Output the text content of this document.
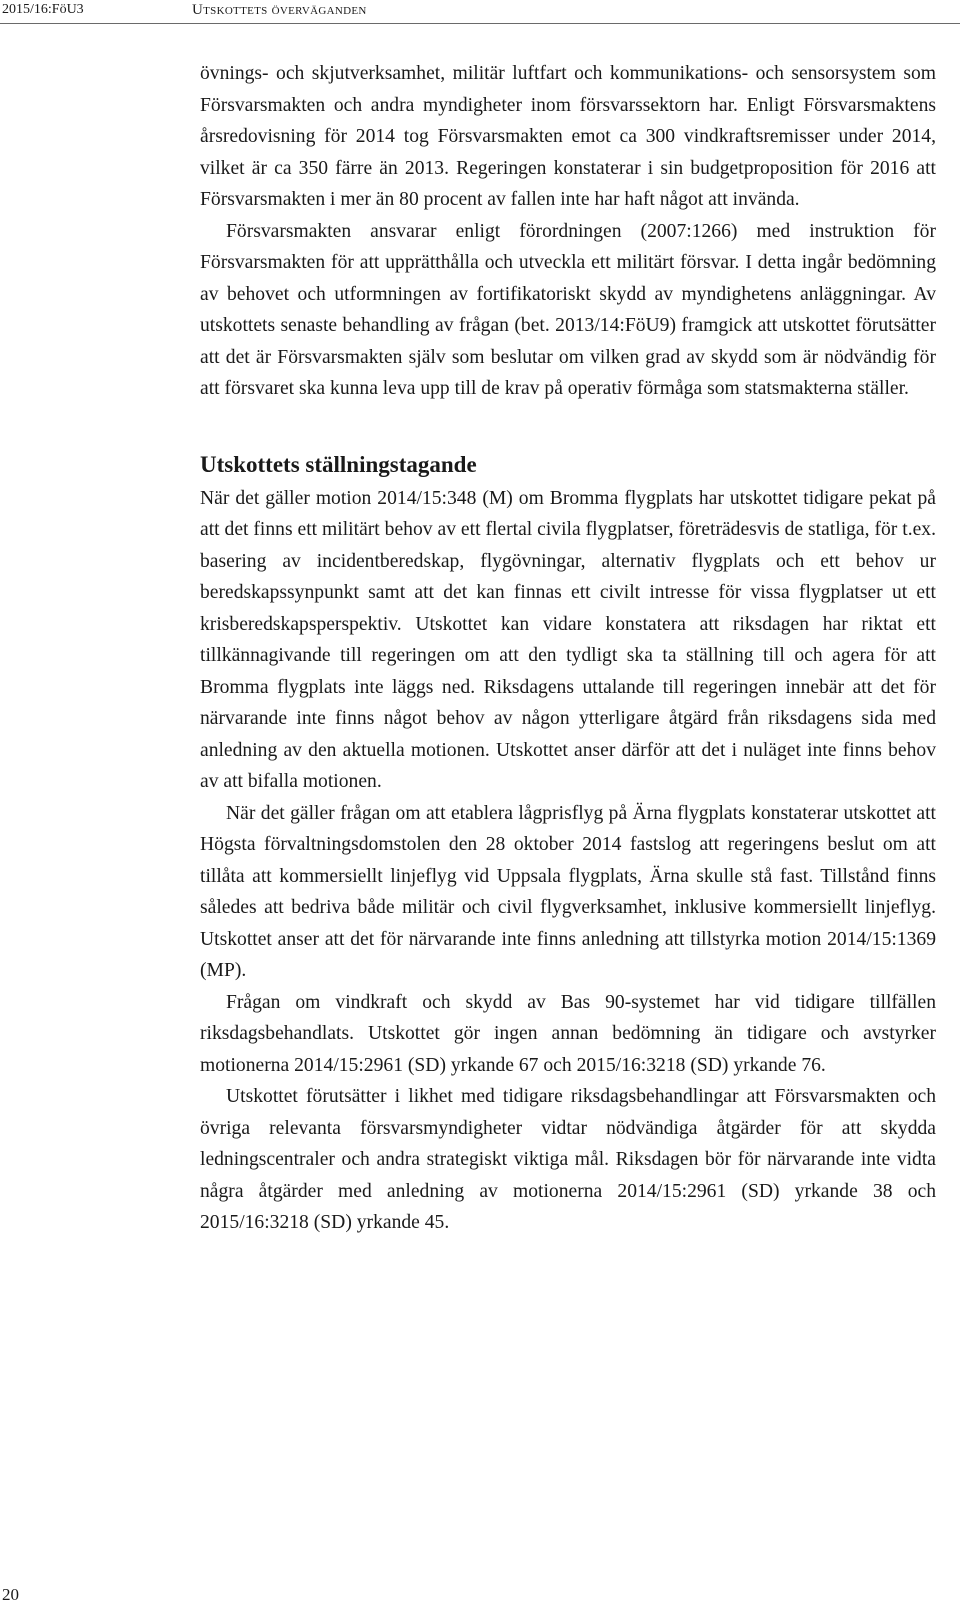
2015/16:FöU3	Utskottets överväganden

övnings- och skjutverksamhet, militär luftfart och kommunikations- och sensorsystem som Försvarsmakten och andra myndigheter inom försvarssektorn har. Enligt Försvarsmaktens årsredovisning för 2014 tog Försvarsmakten emot ca 300 vindkraftsremisser under 2014, vilket är ca 350 färre än 2013. Regeringen konstaterar i sin budgetproposition för 2016 att Försvarsmakten i mer än 80 procent av fallen inte har haft något att invända.

Försvarsmakten ansvarar enligt förordningen (2007:1266) med instruktion för Försvarsmakten för att upprätthålla och utveckla ett militärt försvar. I detta ingår bedömning av behovet och utformningen av fortifikatoriskt skydd av myndighetens anläggningar. Av utskottets senaste behandling av frågan (bet. 2013/14:FöU9) framgick att utskottet förutsätter att det är Försvarsmakten själv som beslutar om vilken grad av skydd som är nödvändig för att försvaret ska kunna leva upp till de krav på operativ förmåga som statsmakterna ställer.

Utskottets ställningstagande

När det gäller motion 2014/15:348 (M) om Bromma flygplats har utskottet tidigare pekat på att det finns ett militärt behov av ett flertal civila flygplatser, företrädesvis de statliga, för t.ex. basering av incidentberedskap, flygövningar, alternativ flygplats och ett behov ur beredskapssynpunkt samt att det kan finnas ett civilt intresse för vissa flygplatser ut ett krisberedskapsperspektiv. Utskottet kan vidare konstatera att riksdagen har riktat ett tillkännagivande till regeringen om att den tydligt ska ta ställning till och agera för att Bromma flygplats inte läggs ned. Riksdagens uttalande till regeringen innebär att det för närvarande inte finns något behov av någon ytterligare åtgärd från riksdagens sida med anledning av den aktuella motionen. Utskottet anser därför att det i nuläget inte finns behov av att bifalla motionen.

När det gäller frågan om att etablera lågprisflyg på Ärna flygplats konstaterar utskottet att Högsta förvaltningsdomstolen den 28 oktober 2014 fastslog att regeringens beslut om att tillåta att kommersiellt linjeflyg vid Uppsala flygplats, Ärna skulle stå fast. Tillstånd finns således att bedriva både militär och civil flygverksamhet, inklusive kommersiellt linjeflyg. Utskottet anser att det för närvarande inte finns anledning att tillstyrka motion 2014/15:1369 (MP).

Frågan om vindkraft och skydd av Bas 90-systemet har vid tidigare tillfällen riksdagsbehandlats. Utskottet gör ingen annan bedömning än tidigare och avstyrker motionerna 2014/15:2961 (SD) yrkande 67 och 2015/16:3218 (SD) yrkande 76.

Utskottet förutsätter i likhet med tidigare riksdagsbehandlingar att Försvarsmakten och övriga relevanta försvarsmyndigheter vidtar nödvändiga åtgärder för att skydda ledningscentraler och andra strategiskt viktiga mål. Riksdagen bör för närvarande inte vidta några åtgärder med anledning av motionerna 2014/15:2961 (SD) yrkande 38 och 2015/16:3218 (SD) yrkande 45.

20
